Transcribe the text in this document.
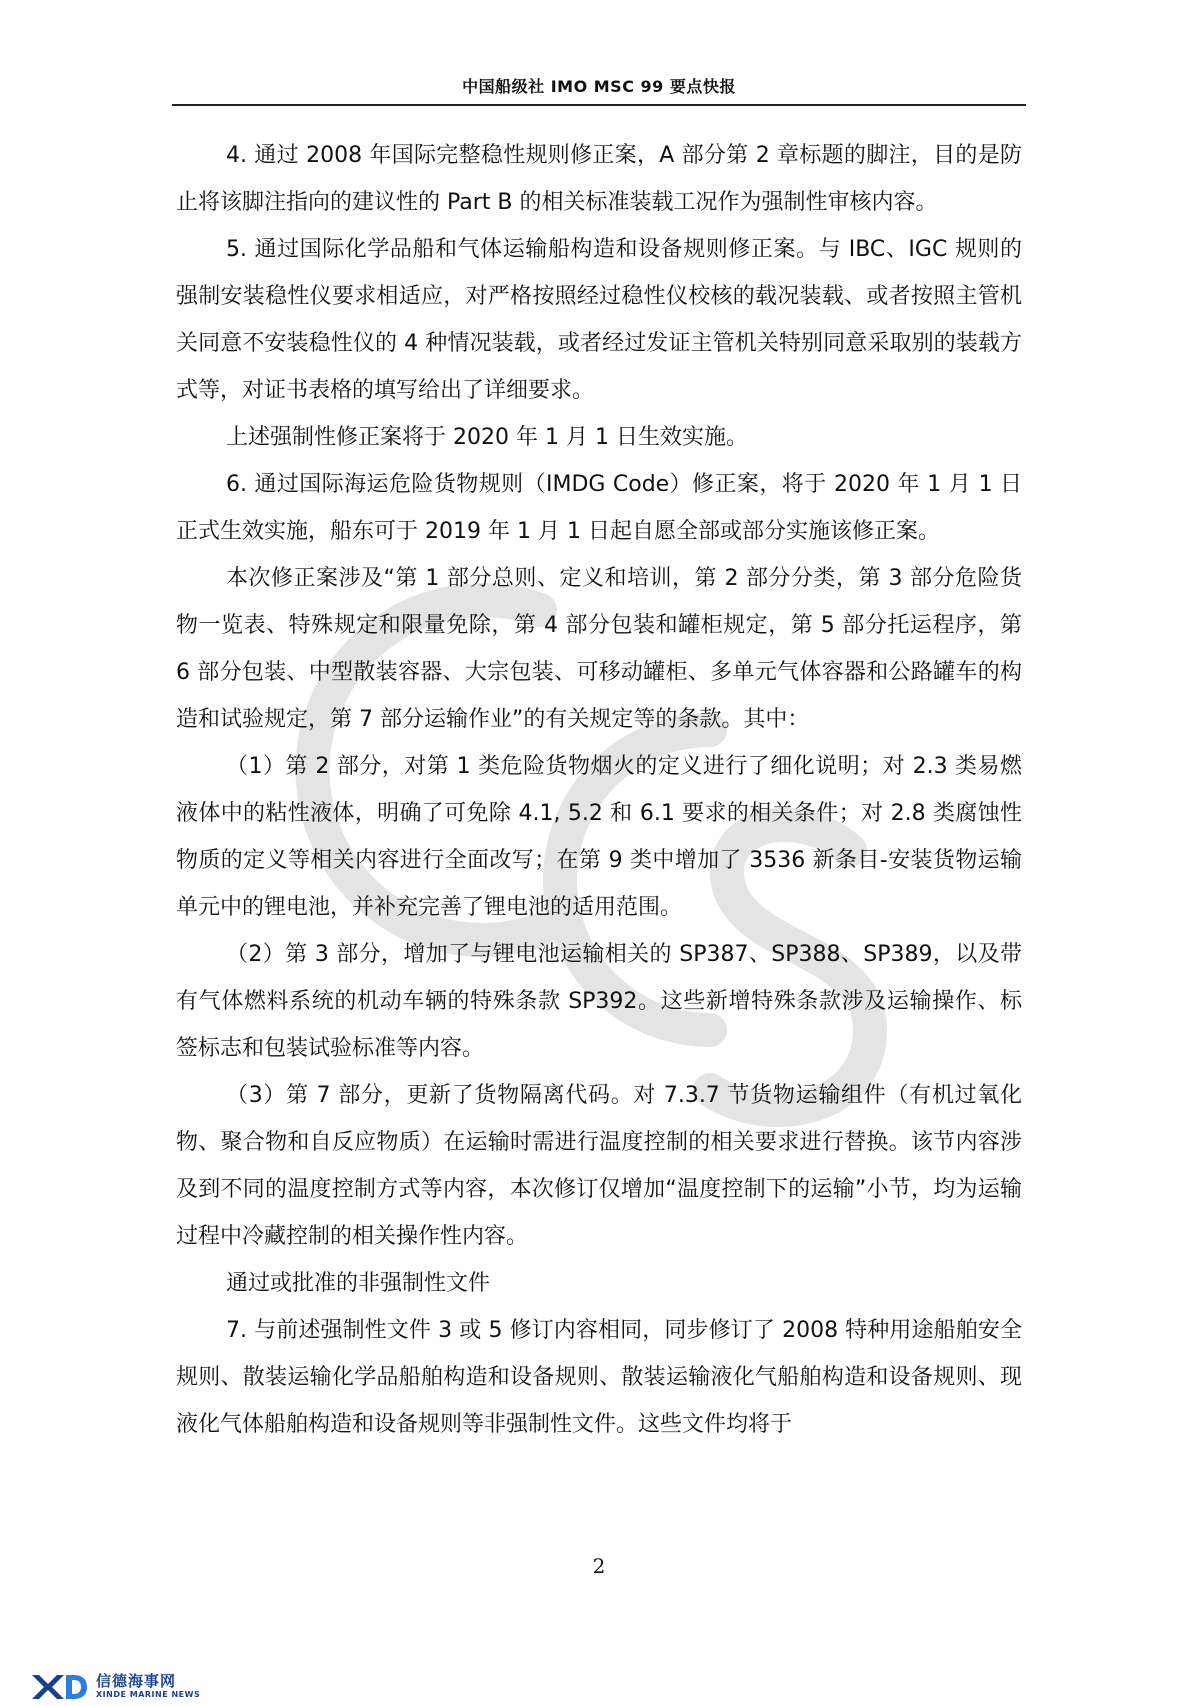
中国船级社 IMO MSC 99 要点快报

4. 通过 2008 年国际完整稳性规则修正案，A 部分第 2 章标题的脚注，目的是防止将该脚注指向的建议性的 Part B 的相关标准装载工况作为强制性审核内容。

5. 通过国际化学品船和气体运输船构造和设备规则修正案。与 IBC、IGC 规则的强制安装稳性仪要求相适应，对严格按照经过稳性仪校核的载况装载、或者按照主管机关同意不安装稳性仪的 4 种情况装载，或者经过发证主管机关特别同意采取别的装载方式等，对证书表格的填写给出了详细要求。

上述强制性修正案将于 2020 年 1 月 1 日生效实施。

6. 通过国际海运危险货物规则（IMDG Code）修正案，将于 2020 年 1 月 1 日正式生效实施，船东可于 2019 年 1 月 1 日起自愿全部或部分实施该修正案。

本次修正案涉及“第 1 部分总则、定义和培训，第 2 部分分类，第 3 部分危险货物一览表、特殊规定和限量免除，第 4 部分包装和罐柜规定，第 5 部分托运程序，第 6 部分包装、中型散装容器、大宗包装、可移动罐柜、多单元气体容器和公路罐车的构造和试验规定，第 7 部分运输作业”的有关规定等的条款。其中：

（1）第 2 部分，对第 1 类危险货物烟火的定义进行了细化说明；对 2.3 类易燃液体中的粘性液体，明确了可免除 4.1, 5.2 和 6.1 要求的相关条件；对 2.8 类腐蚀性物质的定义等相关内容进行全面改写；在第 9 类中增加了 3536 新条目-安装货物运输单元中的锂电池，并补充完善了锂电池的适用范围。

（2）第 3 部分，增加了与锂电池运输相关的 SP387、SP388、SP389，以及带有气体燃料系统的机动车辆的特殊条款 SP392。这些新增特殊条款涉及运输操作、标签标志和包装试验标准等内容。

（3）第 7 部分，更新了货物隔离代码。对 7.3.7 节货物运输组件（有机过氧化物、聚合物和自反应物质）在运输时需进行温度控制的相关要求进行替换。该节内容涉及到不同的温度控制方式等内容，本次修订仅增加“温度控制下的运输”小节，均为运输过程中冷藏控制的相关操作性内容。

通过或批准的非强制性文件

7. 与前述强制性文件 3 或 5 修订内容相同，同步修订了 2008 特种用途船舶安全规则、散装运输化学品船舶构造和设备规则、散装运输液化气船舶构造和设备规则、现液化气体船舶构造和设备规则等非强制性文件。这些文件均将于

2
信德海事网
XINDE MARINE NEWS
